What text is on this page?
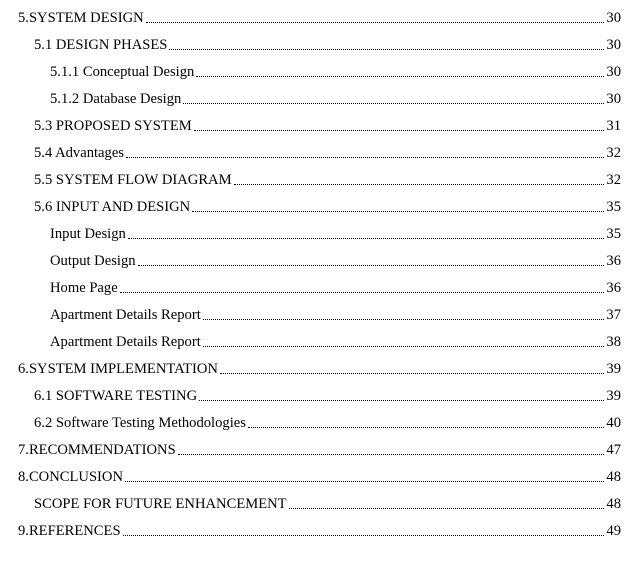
5.SYSTEM DESIGN	30
5.1 DESIGN PHASES	30
5.1.1 Conceptual Design	30
5.1.2 Database Design	30
5.3 PROPOSED SYSTEM	31
5.4 Advantages	32
5.5 SYSTEM FLOW DIAGRAM	32
5.6 INPUT AND DESIGN	35
Input Design	35
Output Design	36
Home Page	36
Apartment Details Report	37
Apartment Details Report	38
6.SYSTEM IMPLEMENTATION	39
6.1 SOFTWARE TESTING	39
6.2 Software Testing Methodologies	40
7.RECOMMENDATIONS	47
8.CONCLUSION	48
SCOPE FOR FUTURE ENHANCEMENT	48
9.REFERENCES	49
